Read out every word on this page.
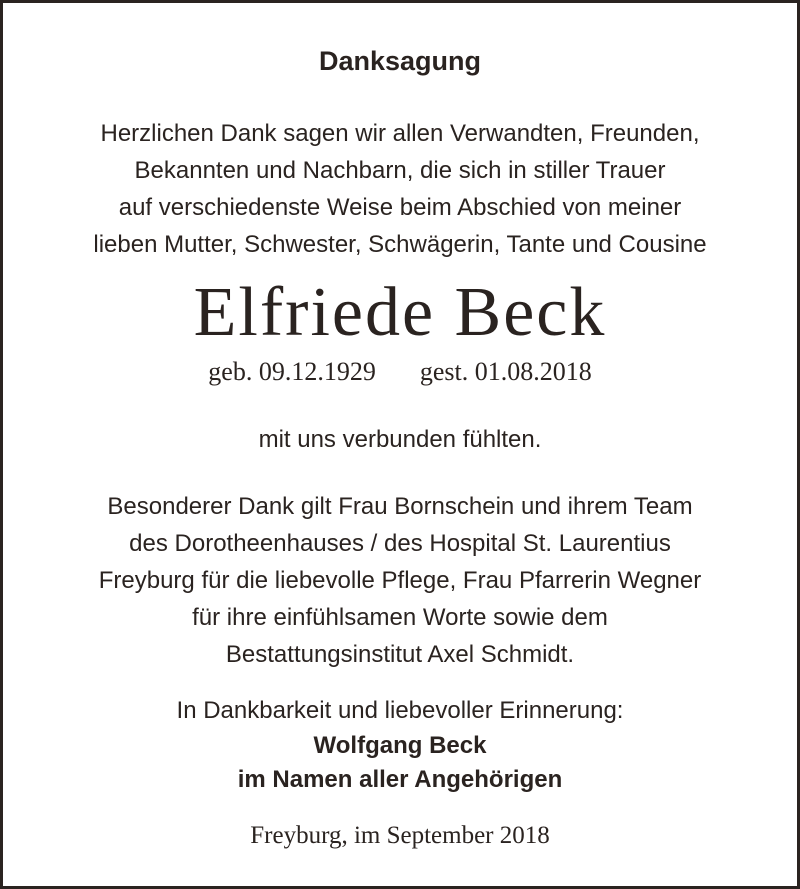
Danksagung
Herzlichen Dank sagen wir allen Verwandten, Freunden,
Bekannten und Nachbarn, die sich in stiller Trauer
auf verschiedenste Weise beim Abschied von meiner
lieben Mutter, Schwester, Schwägerin, Tante und Cousine
Elfriede Beck
geb. 09.12.1929 gest. 01.08.2018
mit uns verbunden fühlten.
Besonderer Dank gilt Frau Bornschein und ihrem Team
des Dorotheenhauses / des Hospital St. Laurentius
Freyburg für die liebevolle Pflege, Frau Pfarrerin Wegner
für ihre einfühlsamen Worte sowie dem
Bestattungsinstitut Axel Schmidt.
In Dankbarkeit und liebevoller Erinnerung:
Wolfgang Beck
im Namen aller Angehörigen
Freyburg, im September 2018
